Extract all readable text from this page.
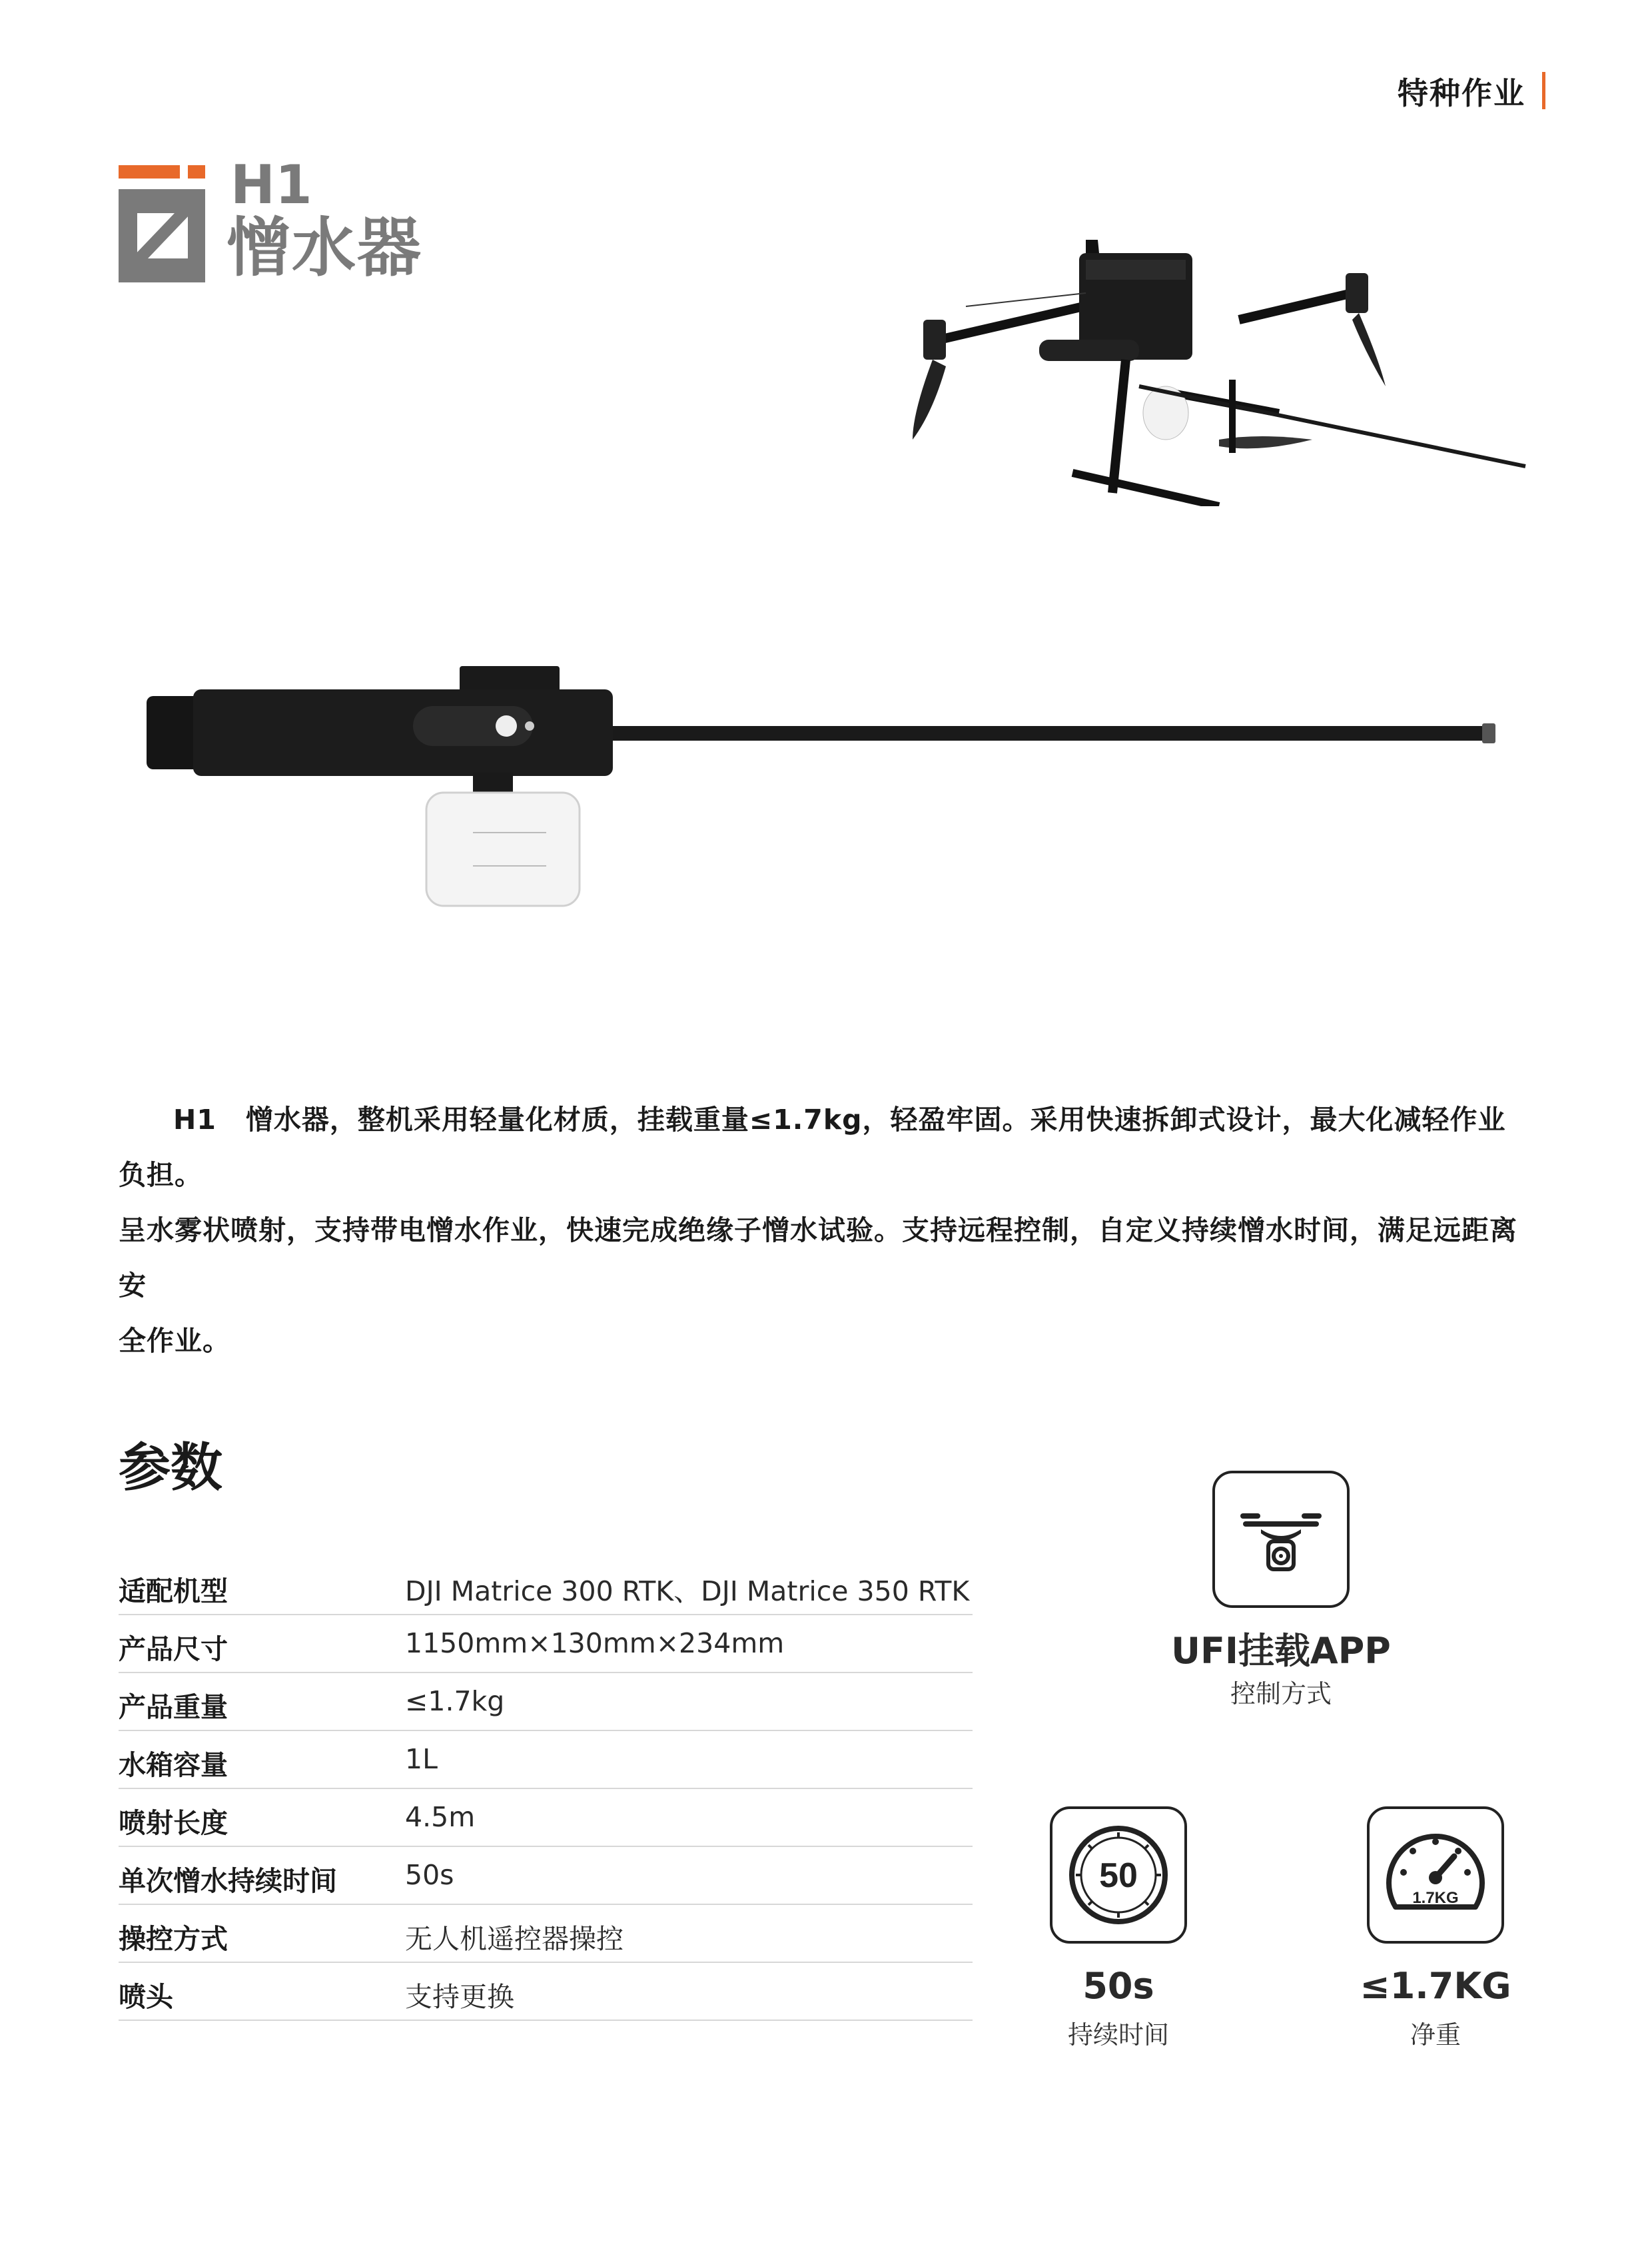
特种作业
H1
憎水器
H1 憎水器，整机采用轻量化材质，挂载重量≤1.7kg，轻盈牢固。采用快速拆卸式设计，最大化减轻作业负担。
呈水雾状喷射，支持带电憎水作业，快速完成绝缘子憎水试验。支持远程控制，自定义持续憎水时间，满足远距离安
全作业。
参数
适配机型	DJI Matrice 300 RTK、DJI Matrice 350 RTK
产品尺寸	1150mm×130mm×234mm
产品重量	≤1.7kg
水箱容量	1L
喷射长度	4.5m
单次憎水持续时间 50s
操控方式	无人机遥控器操控
喷头	支持更换
UFI挂载APP
控制方式
50
50s
持续时间
1.7KG
≤1.7KG
净重
